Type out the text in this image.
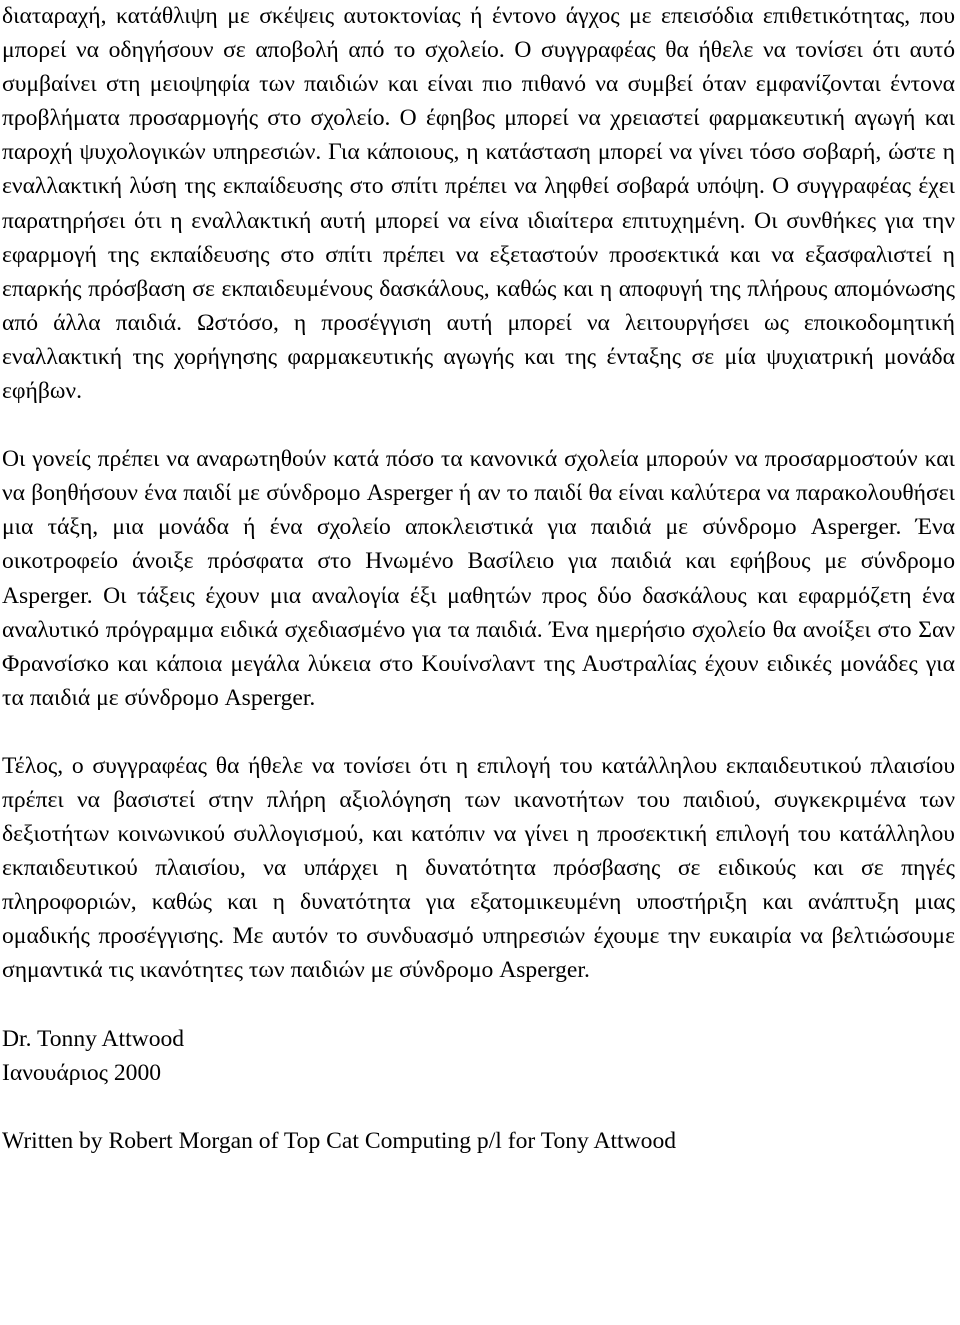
διαταραχή, κατάθλιψη με σκέψεις αυτοκτονίας ή έντονο άγχος με επεισόδια επιθετικότητας, που μπορεί να οδηγήσουν σε αποβολή από το σχολείο. Ο συγγραφέας θα ήθελε να τονίσει ότι αυτό συμβαίνει στη μειοψηφία των παιδιών και είναι πιο πιθανό να συμβεί όταν εμφανίζονται έντονα προβλήματα προσαρμογής στο σχολείο. Ο έφηβος μπορεί να χρειαστεί φαρμακευτική αγωγή και παροχή ψυχολογικών υπηρεσιών. Για κάποιους, η κατάσταση μπορεί να γίνει τόσο σοβαρή, ώστε η εναλλακτική λύση της εκπαίδευσης στο σπίτι πρέπει να ληφθεί σοβαρά υπόψη. Ο συγγραφέας έχει παρατηρήσει ότι η εναλλακτική αυτή μπορεί να είνα ιδιαίτερα επιτυχημένη. Οι συνθήκες για την εφαρμογή της εκπαίδευσης στο σπίτι πρέπει να εξεταστούν προσεκτικά και να εξασφαλιστεί η επαρκής πρόσβαση σε εκπαιδευμένους δασκάλους, καθώς και η αποφυγή της πλήρους απομόνωσης από άλλα παιδιά. Ωστόσο, η προσέγγιση αυτή μπορεί να λειτουργήσει ως εποικοδομητική εναλλακτική της χορήγησης φαρμακευτικής αγωγής και της ένταξης σε μία ψυχιατρική μονάδα εφήβων.

Οι γονείς πρέπει να αναρωτηθούν κατά πόσο τα κανονικά σχολεία μπορούν να προσαρμοστούν και να βοηθήσουν ένα παιδί με σύνδρομο Asperger ή αν το παιδί θα είναι καλύτερα να παρακολουθήσει μια τάξη, μια μονάδα ή ένα σχολείο αποκλειστικά για παιδιά με σύνδρομο Asperger. Ένα οικοτροφείο άνοιξε πρόσφατα στο Ηνωμένο Βασίλειο για παιδιά και εφήβους με σύνδρομο Asperger. Οι τάξεις έχουν μια αναλογία έξι μαθητών προς δύο δασκάλους και εφαρμόζετη ένα αναλυτικό πρόγραμμα ειδικά σχεδιασμένο για τα παιδιά. Ένα ημερήσιο σχολείο θα ανοίξει στο Σαν Φρανσίσκο και κάποια μεγάλα λύκεια στο Κουίνσλαντ της Αυστραλίας έχουν ειδικές μονάδες για τα παιδιά με σύνδρομο Asperger.

Τέλος, ο συγγραφέας θα ήθελε να τονίσει ότι η επιλογή του κατάλληλου εκπαιδευτικού πλαισίου πρέπει να βασιστεί στην πλήρη αξιολόγηση των ικανοτήτων του παιδιού, συγκεκριμένα των δεξιοτήτων κοινωνικού συλλογισμού, και κατόπιν να γίνει η προσεκτική επιλογή του κατάλληλου εκπαιδευτικού πλαισίου, να υπάρχει η δυνατότητα πρόσβασης σε ειδικούς και σε πηγές πληροφοριών, καθώς και η δυνατότητα για εξατομικευμένη υποστήριξη και ανάπτυξη μιας ομαδικής προσέγγισης. Με αυτόν το συνδυασμό υπηρεσιών έχουμε την ευκαιρία να βελτιώσουμε σημαντικά τις ικανότητες των παιδιών με σύνδρομο Asperger.

Dr. Tonny Attwood

Ιανουάριος 2000

Written by Robert Morgan of Top Cat Computing p/l for Tony Attwood
